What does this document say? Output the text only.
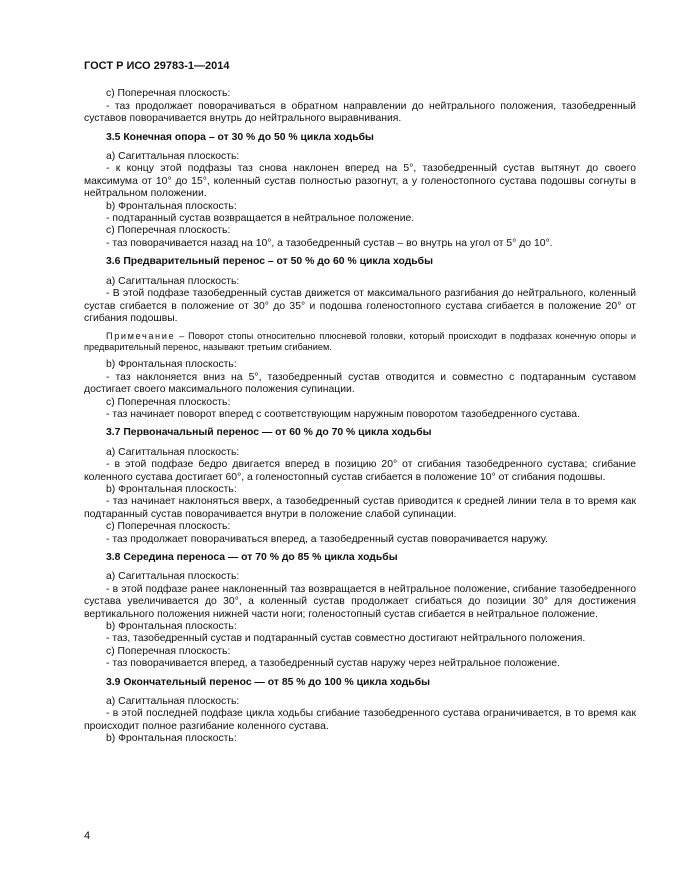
ГОСТ Р ИСО 29783-1—2014
c) Поперечная плоскость:
- таз продолжает поворачиваться в обратном направлении до нейтрального положения, тазобедренный суставов поворачивается внутрь до нейтрального выравнивания.
3.5 Конечная опора – от 30 % до 50 % цикла ходьбы
а) Сагиттальная плоскость:
- к концу этой подфазы таз снова наклонен вперед на 5°, тазобедренный сустав вытянут до своего максимума от 10° до 15°, коленный сустав полностью разогнут, а у голеностопного сустава подошвы согнуты в нейтральном положении.
b) Фронтальная плоскость:
- подтаранный сустав возвращается в нейтральное положение.
c) Поперечная плоскость:
- таз поворачивается назад на 10°, а тазобедренный сустав – во внутрь на угол от 5° до 10°.
3.6 Предварительный перенос – от 50 % до 60 % цикла ходьбы
а) Сагиттальная плоскость:
- В этой подфазе тазобедренный сустав движется от максимального разгибания до нейтрального, коленный сустав сгибается в положение от 30° до 35° и подошва голеностопного сустава сгибается в положение 20° от сгибания подошвы.
Примечание – Поворот стопы относительно плюсневой головки, который происходит в подфазах конечную опоры и предварительный перенос, называют третьим сгибанием.
b) Фронтальная плоскость:
- таз наклоняется вниз на 5°, тазобедренный сустав отводится и совместно с подтаранным суставом достигает своего максимального положения супинации.
c) Поперечная плоскость:
- таз начинает поворот вперед с соответствующим наружным поворотом тазобедренного сустава.
3.7 Первоначальный перенос — от 60 % до 70 % цикла ходьбы
а) Сагиттальная плоскость:
- в этой подфазе бедро двигается вперед в позицию 20° от сгибания тазобедренного сустава; сгибание коленного сустава достигает 60°, а голеностопный сустав сгибается в положение 10° от сгибания подошвы.
b) Фронтальная плоскость:
- таз начинает наклоняться вверх, а тазобедренный сустав приводится к средней линии тела в то время как подтаранный сустав поворачивается внутри в положение слабой супинации.
c) Поперечная плоскость:
- таз продолжает поворачиваться вперед, а тазобедренный сустав поворачивается наружу.
3.8 Середина переноса — от 70 % до 85 % цикла ходьбы
а) Сагиттальная плоскость:
- в этой подфазе ранее наклоненный таз возвращается в нейтральное положение, сгибание тазобедренного сустава увеличивается до 30°, а коленный сустав продолжает сгибаться до позиции 30° для достижения вертикального положения нижней части ноги; голеностопный сустав сгибается в нейтральное положение.
b) Фронтальная плоскость:
- таз, тазобедренный сустав и подтаранный сустав совместно достигают нейтрального положения.
c) Поперечная плоскость:
- таз поворачивается вперед, а тазобедренный сустав наружу через нейтральное положение.
3.9 Окончательный перенос — от 85 % до 100 % цикла ходьбы
а) Сагиттальная плоскость:
- в этой последней подфазе цикла ходьбы сгибание тазобедренного сустава ограничивается, в то время как происходит полное разгибание коленного сустава.
b) Фронтальная плоскость:
4
